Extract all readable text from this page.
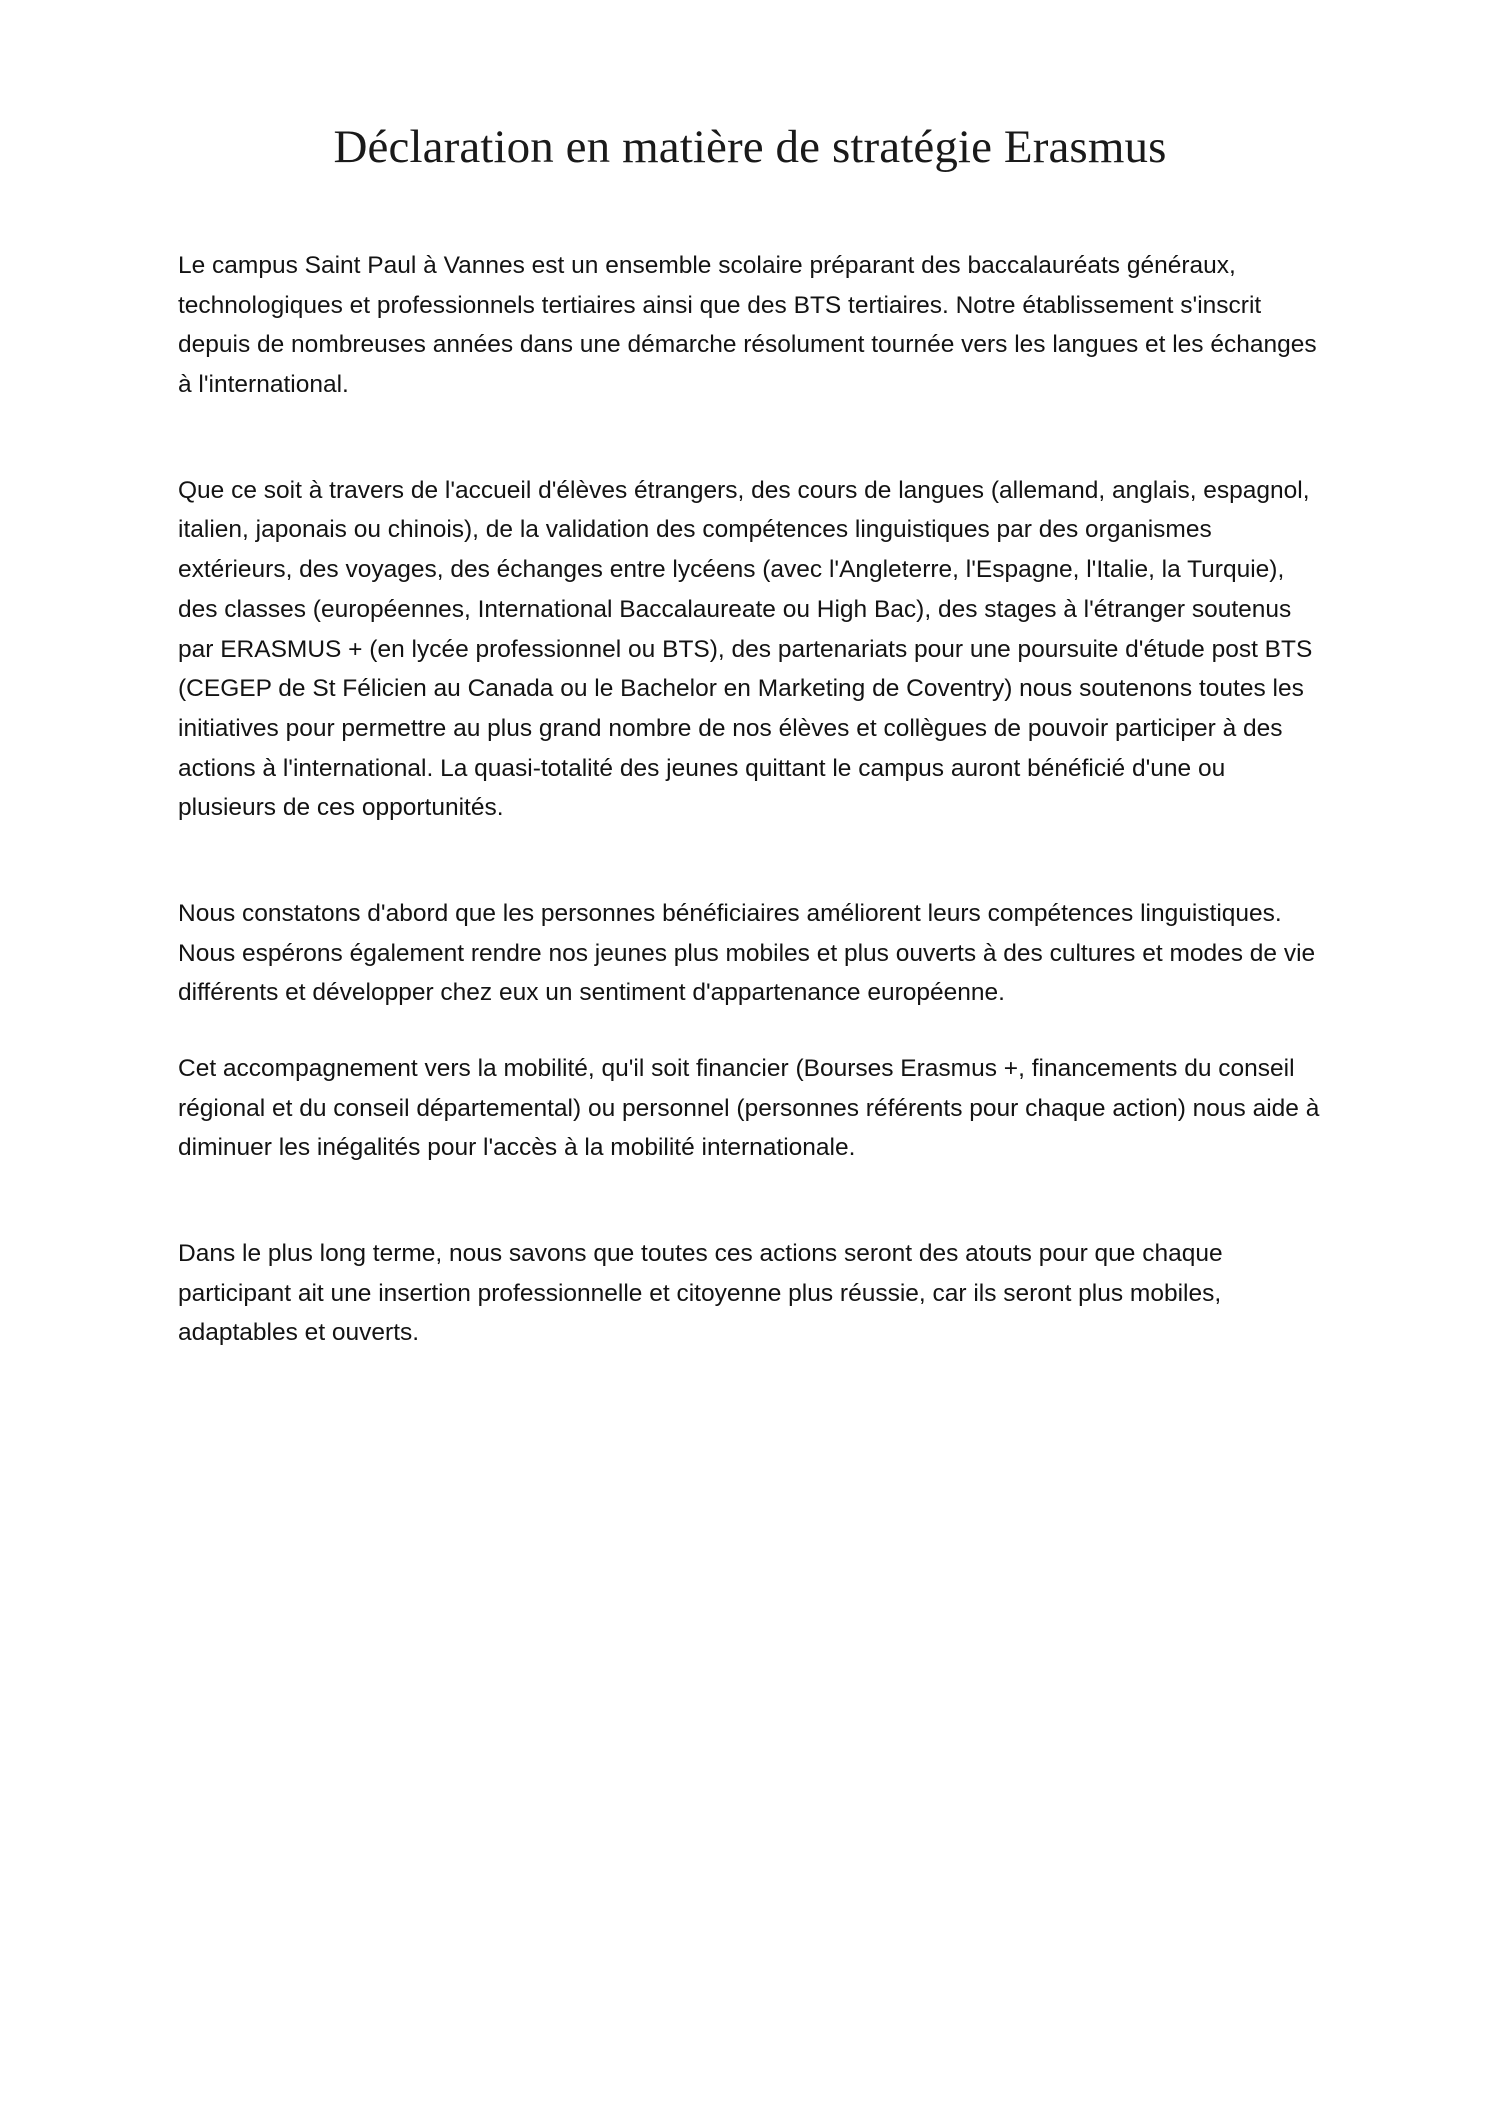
Déclaration en matière de stratégie Erasmus

Le campus Saint Paul à Vannes est un ensemble scolaire préparant des baccalauréats généraux, technologiques et professionnels tertiaires ainsi que des BTS tertiaires. Notre établissement s'inscrit depuis de nombreuses années dans une démarche résolument tournée vers les langues et les échanges à l'international.

Que ce soit à travers de l'accueil d'élèves étrangers, des cours de langues (allemand, anglais, espagnol, italien, japonais ou chinois), de la validation des compétences linguistiques par des organismes extérieurs, des voyages, des échanges entre lycéens (avec l'Angleterre, l'Espagne, l'Italie, la Turquie), des classes (européennes, International Baccalaureate ou High Bac), des stages à l'étranger soutenus par ERASMUS + (en lycée professionnel ou BTS), des partenariats pour une poursuite d'étude post BTS (CEGEP de St Félicien au Canada ou le Bachelor en Marketing de Coventry) nous soutenons toutes les initiatives pour permettre au plus grand nombre de nos élèves et collègues de pouvoir participer à des actions à l'international. La quasi-totalité des jeunes quittant le campus auront bénéficié d'une ou plusieurs de ces opportunités.

Nous constatons d'abord que les personnes bénéficiaires améliorent leurs compétences linguistiques. Nous espérons également rendre nos jeunes plus mobiles et plus ouverts à des cultures et modes de vie différents et développer chez eux un sentiment d'appartenance européenne.

Cet accompagnement vers la mobilité, qu'il soit financier (Bourses Erasmus +, financements du conseil régional et du conseil départemental) ou personnel (personnes référents pour chaque action) nous aide à diminuer les inégalités pour l'accès à la mobilité internationale.

Dans le plus long terme, nous savons que toutes ces actions seront des atouts pour que chaque participant ait une insertion professionnelle et citoyenne plus réussie, car ils seront plus mobiles, adaptables et ouverts.
